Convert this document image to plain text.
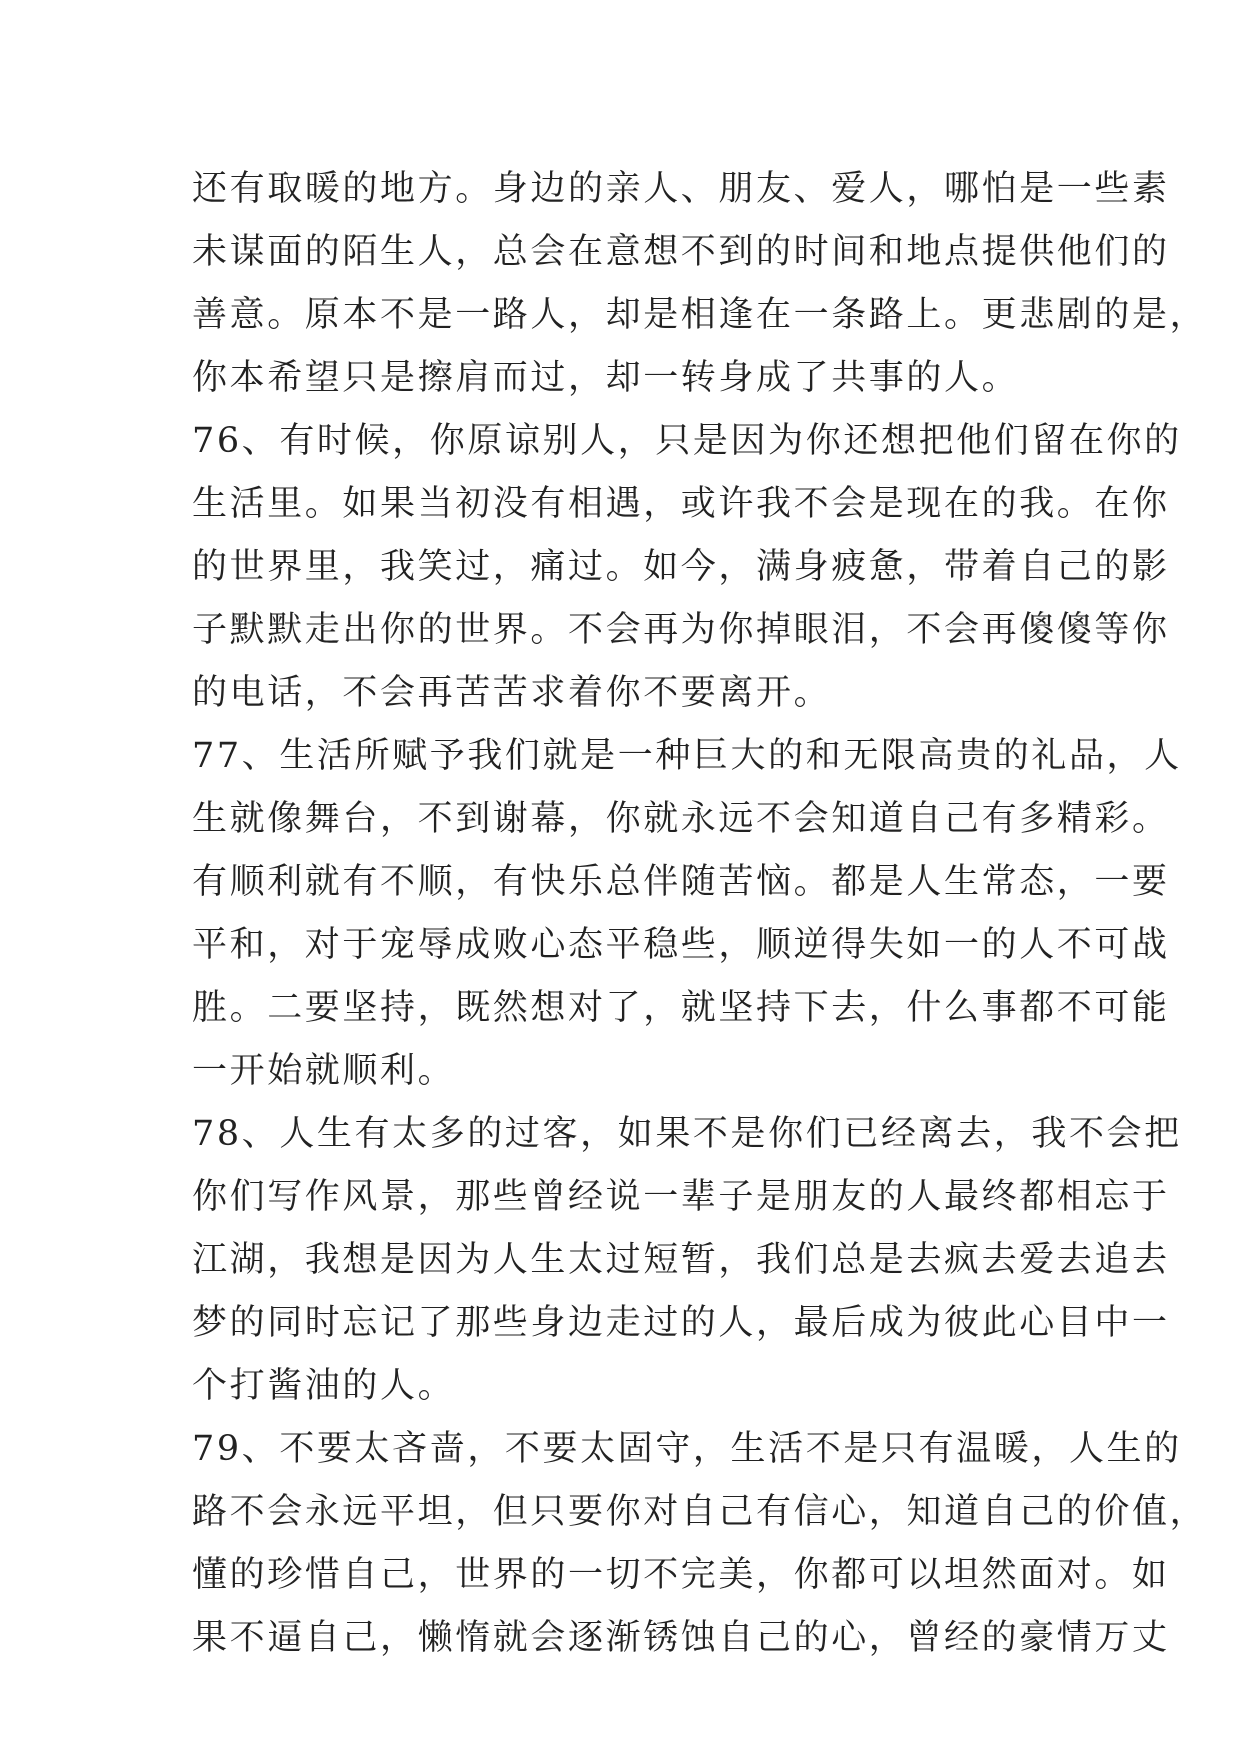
还有取暖的地方。身边的亲人、朋友、爱人，哪怕是一些素
未谋面的陌生人，总会在意想不到的时间和地点提供他们的
善意。原本不是一路人，却是相逢在一条路上。更悲剧的是，
你本希望只是擦肩而过，却一转身成了共事的人。
76、有时候，你原谅别人，只是因为你还想把他们留在你的
生活里。如果当初没有相遇，或许我不会是现在的我。在你
的世界里，我笑过，痛过。如今，满身疲惫，带着自己的影
子默默走出你的世界。不会再为你掉眼泪，不会再傻傻等你
的电话，不会再苦苦求着你不要离开。
77、生活所赋予我们就是一种巨大的和无限高贵的礼品，人
生就像舞台，不到谢幕，你就永远不会知道自己有多精彩。
有顺利就有不顺，有快乐总伴随苦恼。都是人生常态，一要
平和，对于宠辱成败心态平稳些，顺逆得失如一的人不可战
胜。二要坚持，既然想对了，就坚持下去，什么事都不可能
一开始就顺利。
78、人生有太多的过客，如果不是你们已经离去，我不会把
你们写作风景，那些曾经说一辈子是朋友的人最终都相忘于
江湖，我想是因为人生太过短暂，我们总是去疯去爱去追去
梦的同时忘记了那些身边走过的人，最后成为彼此心目中一
个打酱油的人。
79、不要太吝啬，不要太固守，生活不是只有温暖，人生的
路不会永远平坦，但只要你对自己有信心，知道自己的价值，
懂的珍惜自己，世界的一切不完美，你都可以坦然面对。如
果不逼自己，懒惰就会逐渐锈蚀自己的心，曾经的豪情万丈
